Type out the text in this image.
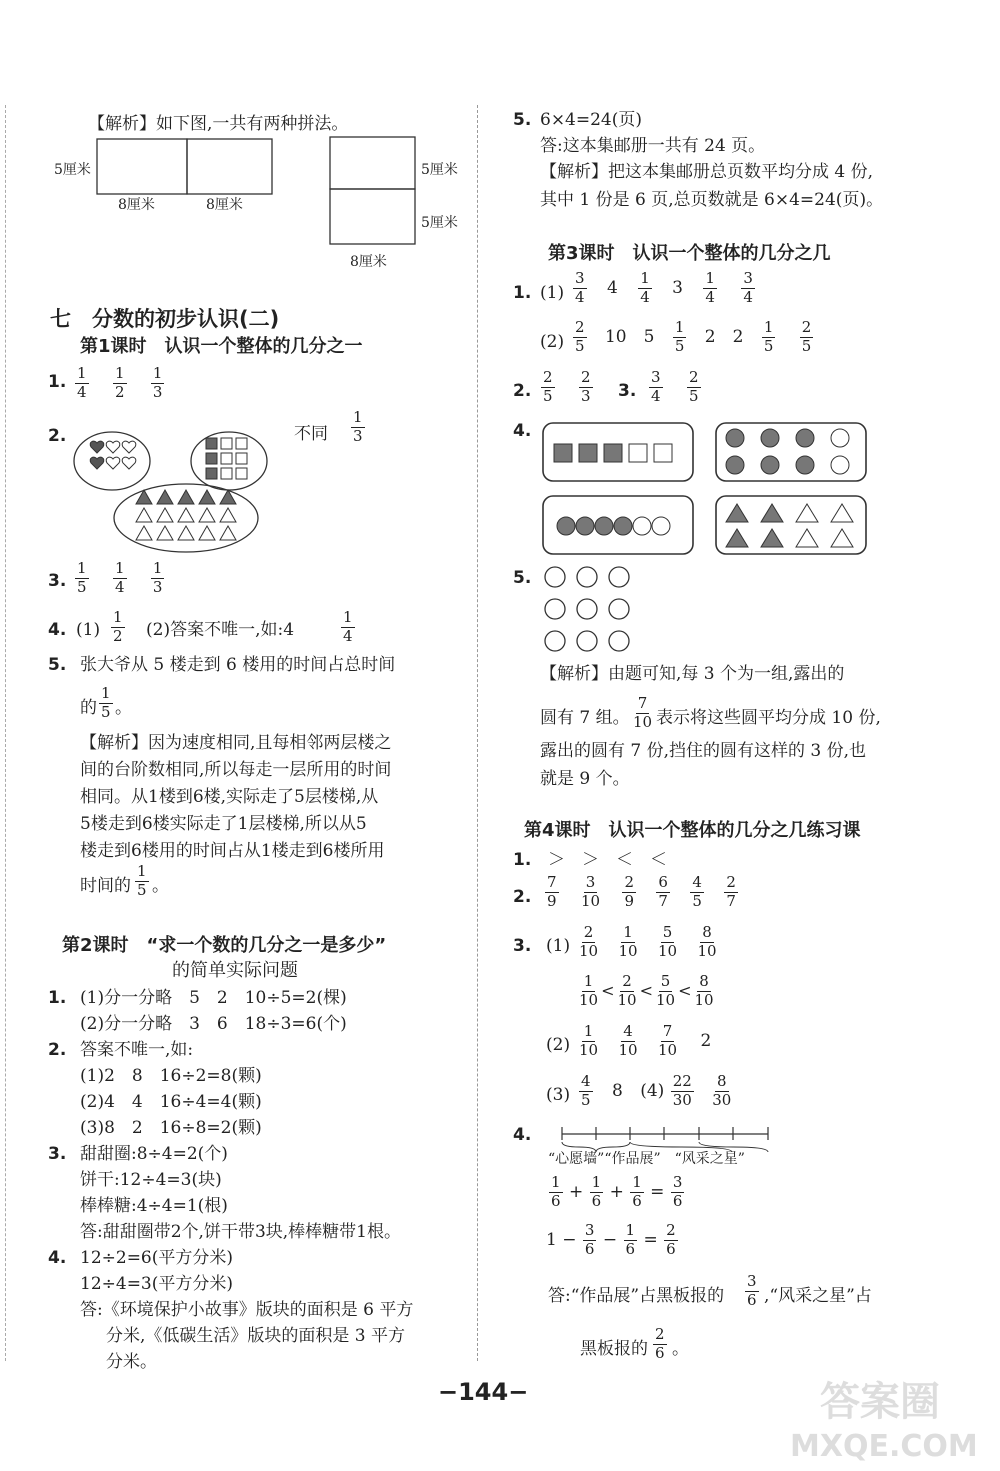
【解析】如下图,一共有两种拼法。
5厘米
8厘米	8厘米
5厘米
5厘米
8厘米
七　分数的初步认识(二)
第1课时　认识一个整体的几分之一
1. $\frac{1}{4}$
$\frac{1}{2}$
$\frac{1}{3}$
2.	不同 $\frac{1}{3}$
3. $\frac{1}{5}$
$\frac{1}{4}$
$\frac{1}{3}$
4. $(1) \frac{1}{2} (2)$答案不唯一,如:4	$\frac{1}{4}$
5. 张大爷从 5 楼走到 6 楼用的时间占总时间
的 $\frac{1}{5}$ 。
【解析】因为速度相同,且每相邻两层楼之
间的台阶数相同,所以每走一层所用的时间
相同。从1楼到6楼,实际走了5层楼梯,从
5楼走到6楼实际走了1层楼梯,所以从5
楼走到6楼用的时间占从1楼走到6楼所用
时间的 $\frac{1}{5}$ 。
第2课时　“求一个数的几分之一是多少”
的简单实际问题
1. (1)分一分略　5　2　10÷5=2(棵)
(2)分一分略　3　6　18÷3=6(个)
2. 答案不唯一,如:
(1)2　8　16÷2=8(颗)
(2)4　4　16÷4=4(颗)
(3)8　2　16÷8=2(颗)
3. 甜甜圈:8÷4=2(个)
饼干:12÷4=3(块)
棒棒糖:4÷4=1(根)
答:甜甜圈带2个,饼干带3块,棒棒糖带1根。
4. 12÷2=6(平方分米)
12÷4=3(平方分米)
答:《环境保护小故事》版块的面积是 6 平方
分米,《低碳生活》版块的面积是 3 平方
分米。
5. 6×4=24(页)
答:这本集邮册一共有 24 页。
【解析】把这本集邮册总页数平均分成 4 份,
其中 1 份是 6 页,总页数就是 6×4=24(页)。
第3课时　认识一个整体的几分之几
1. $(1) \frac{3}{4} 4 \frac{1}{4} 3 \frac{1}{4}$
$\frac{3}{4}$
$(2) \frac{2}{5} 10$　$5 \frac{1}{5} 2$　$2 \frac{1}{5}$
$\frac{2}{5}$
2. $\frac{2}{5}$
$\frac{2}{3} 3$. $\frac{3}{4}$
$\frac{2}{5}$
4.
5.
【解析】由题可知,每 3 个为一组,露出的
圆有 7 组。 $\frac{7}{10}$ 表示将这些圆平均分成 10 份,
露出的圆有 7 份,挡住的圆有这样的 3 份,也
就是 9 个。
第4课时　认识一个整体的几分之几练习课
1. ＞　＞　＜　＜
2. $\frac{7}{9}$
$\frac{3}{10}$
$\frac{2}{9}$
$\frac{6}{7}$
$\frac{4}{5}$
$\frac{2}{7}$
3. $(1) \frac{2}{10}$
$\frac{1}{10}$
$\frac{5}{10}$
$\frac{8}{10}$
$\frac{1}{10} < \frac{2}{10} < \frac{5}{10} < \frac{8}{10}$
$(2) \frac{1}{10}$
$\frac{4}{10}$
$\frac{7}{10} 2$
$(3) \frac{4}{5} 8$ $(4) \frac{22}{30}$
$\frac{8}{30}$
4.
“心愿墙”“作品展”　“风采之星”
$\frac{1}{6} + \frac{1}{6} + \frac{1}{6} = \frac{3}{6}$
$1 - \frac{3}{6} - \frac{1}{6} = \frac{2}{6}$
答:“作品展”占黑板报的 $\frac{3}{6}$ ,“风采之星”占
黑板报的 $\frac{2}{6}$ 。
−144−	答案圈
MXQE.COM
